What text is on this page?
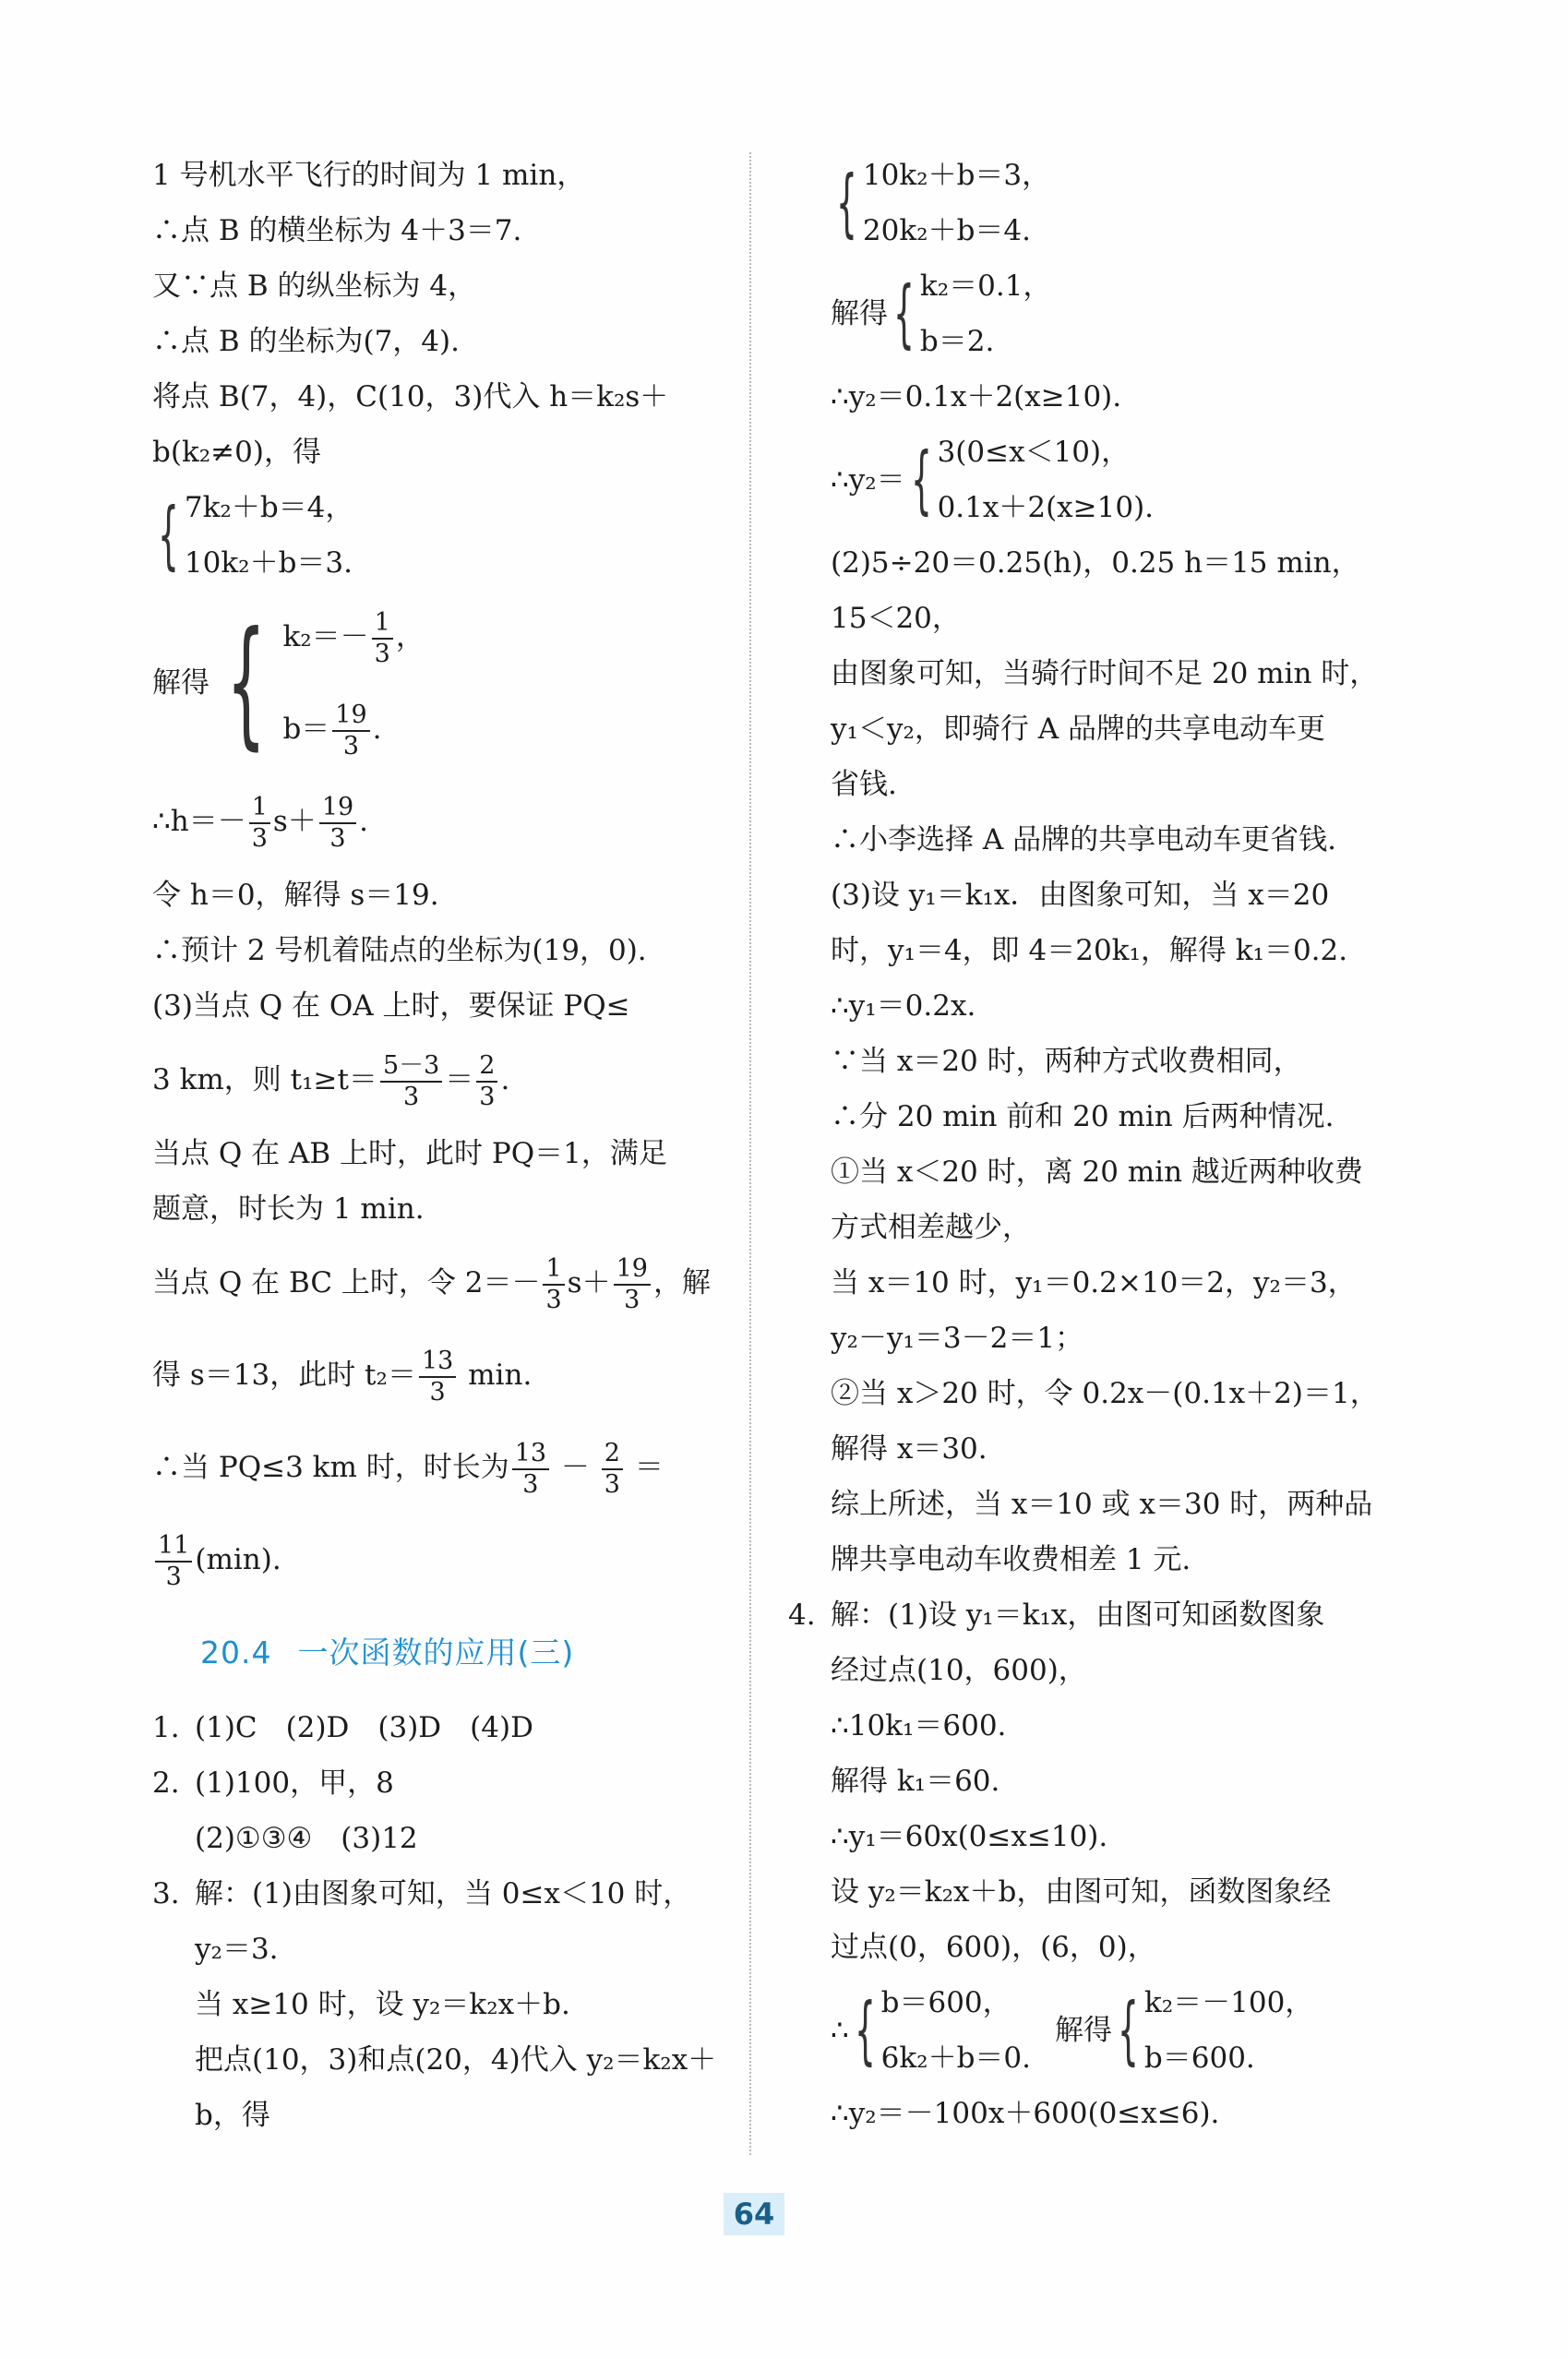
1 号机水平飞行的时间为 1 min，
∴点 B 的横坐标为 4＋3＝7.
又∵点 B 的纵坐标为 4，
∴点 B 的坐标为(7，4).
将点 B(7，4)，C(10，3)代入 h＝k₂s＋
b(k₂≠0)，得
{ 7k₂＋b＝4，
10k₂＋b＝3.
解得 { $k_2=- \frac{1}{3}$ ，
$b= \frac{19}{3}$ .
∴h＝－ $\frac{1}{3} s+ \frac{19}{3}$ .
令 h＝0，解得 s＝19.
∴预计 2 号机着陆点的坐标为(19，0).
(3)当点 Q 在 OA 上时，要保证 PQ≤
3 km，则 $t_1\ge t= \frac{5-3}{3} = \frac{2}{3}$ .
当点 Q 在 AB 上时，此时 PQ＝1，满足
题意，时长为 1 min.
当点 Q 在 BC 上时，令 $2=- \frac{1}{3} s+ \frac{19}{3}$ ，解
得 s＝13，此时 $t_2= \frac{13}{3} \min$.
∴当 PQ≤3 km 时，时长为 $\frac{13}{3} - \frac{2}{3}$ ＝
$\frac{11}{3} (\min)$.
20.4 一次函数的应用(三)
1. (1)C　(2)D　(3)D　(4)D
2. (1)100，甲，8
(2)①③④　(3)12
3. 解：(1)由图象可知，当 0≤x＜10 时，
y₂＝3.
当 x≥10 时，设 y₂＝k₂x＋b.
把点(10，3)和点(20，4)代入 y₂＝k₂x＋
b，得
{ 10k₂＋b＝3，
20k₂＋b＝4.
解得 { k₂＝0.1，
b＝2.
∴y₂＝0.1x＋2(x≥10).
∴y₂＝ { 3(0≤x＜10)，
0.1x＋2(x≥10).
(2)5÷20＝0.25(h)，0.25 h＝15 min，
15＜20，
由图象可知，当骑行时间不足 20 min 时，
y₁＜y₂，即骑行 A 品牌的共享电动车更
省钱.
∴小李选择 A 品牌的共享电动车更省钱.
(3)设 y₁＝k₁x．由图象可知，当 x＝20
时，y₁＝4，即 4＝20k₁，解得 k₁＝0.2.
∴y₁＝0.2x.
∵当 x＝20 时，两种方式收费相同，
∴分 20 min 前和 20 min 后两种情况.
①当 x＜20 时，离 20 min 越近两种收费
方式相差越少，
当 x＝10 时，y₁＝0.2×10＝2，y₂＝3，
y₂－y₁＝3－2＝1；
②当 x＞20 时，令 0.2x－(0.1x＋2)＝1，
解得 x＝30.
综上所述，当 x＝10 或 x＝30 时，两种品
牌共享电动车收费相差 1 元.
4. 解：(1)设 y₁＝k₁x，由图可知函数图象
经过点(10，600)，
∴10k₁＝600.
解得 k₁＝60.
∴y₁＝60x(0≤x≤10).
设 y₂＝k₂x＋b，由图可知，函数图象经
过点(0，600)，(6，0)，
∴ { b＝600，
6k₂＋b＝0.
解得 { k₂＝－100，
b＝600.
∴y₂＝－100x＋600(0≤x≤6).
64
